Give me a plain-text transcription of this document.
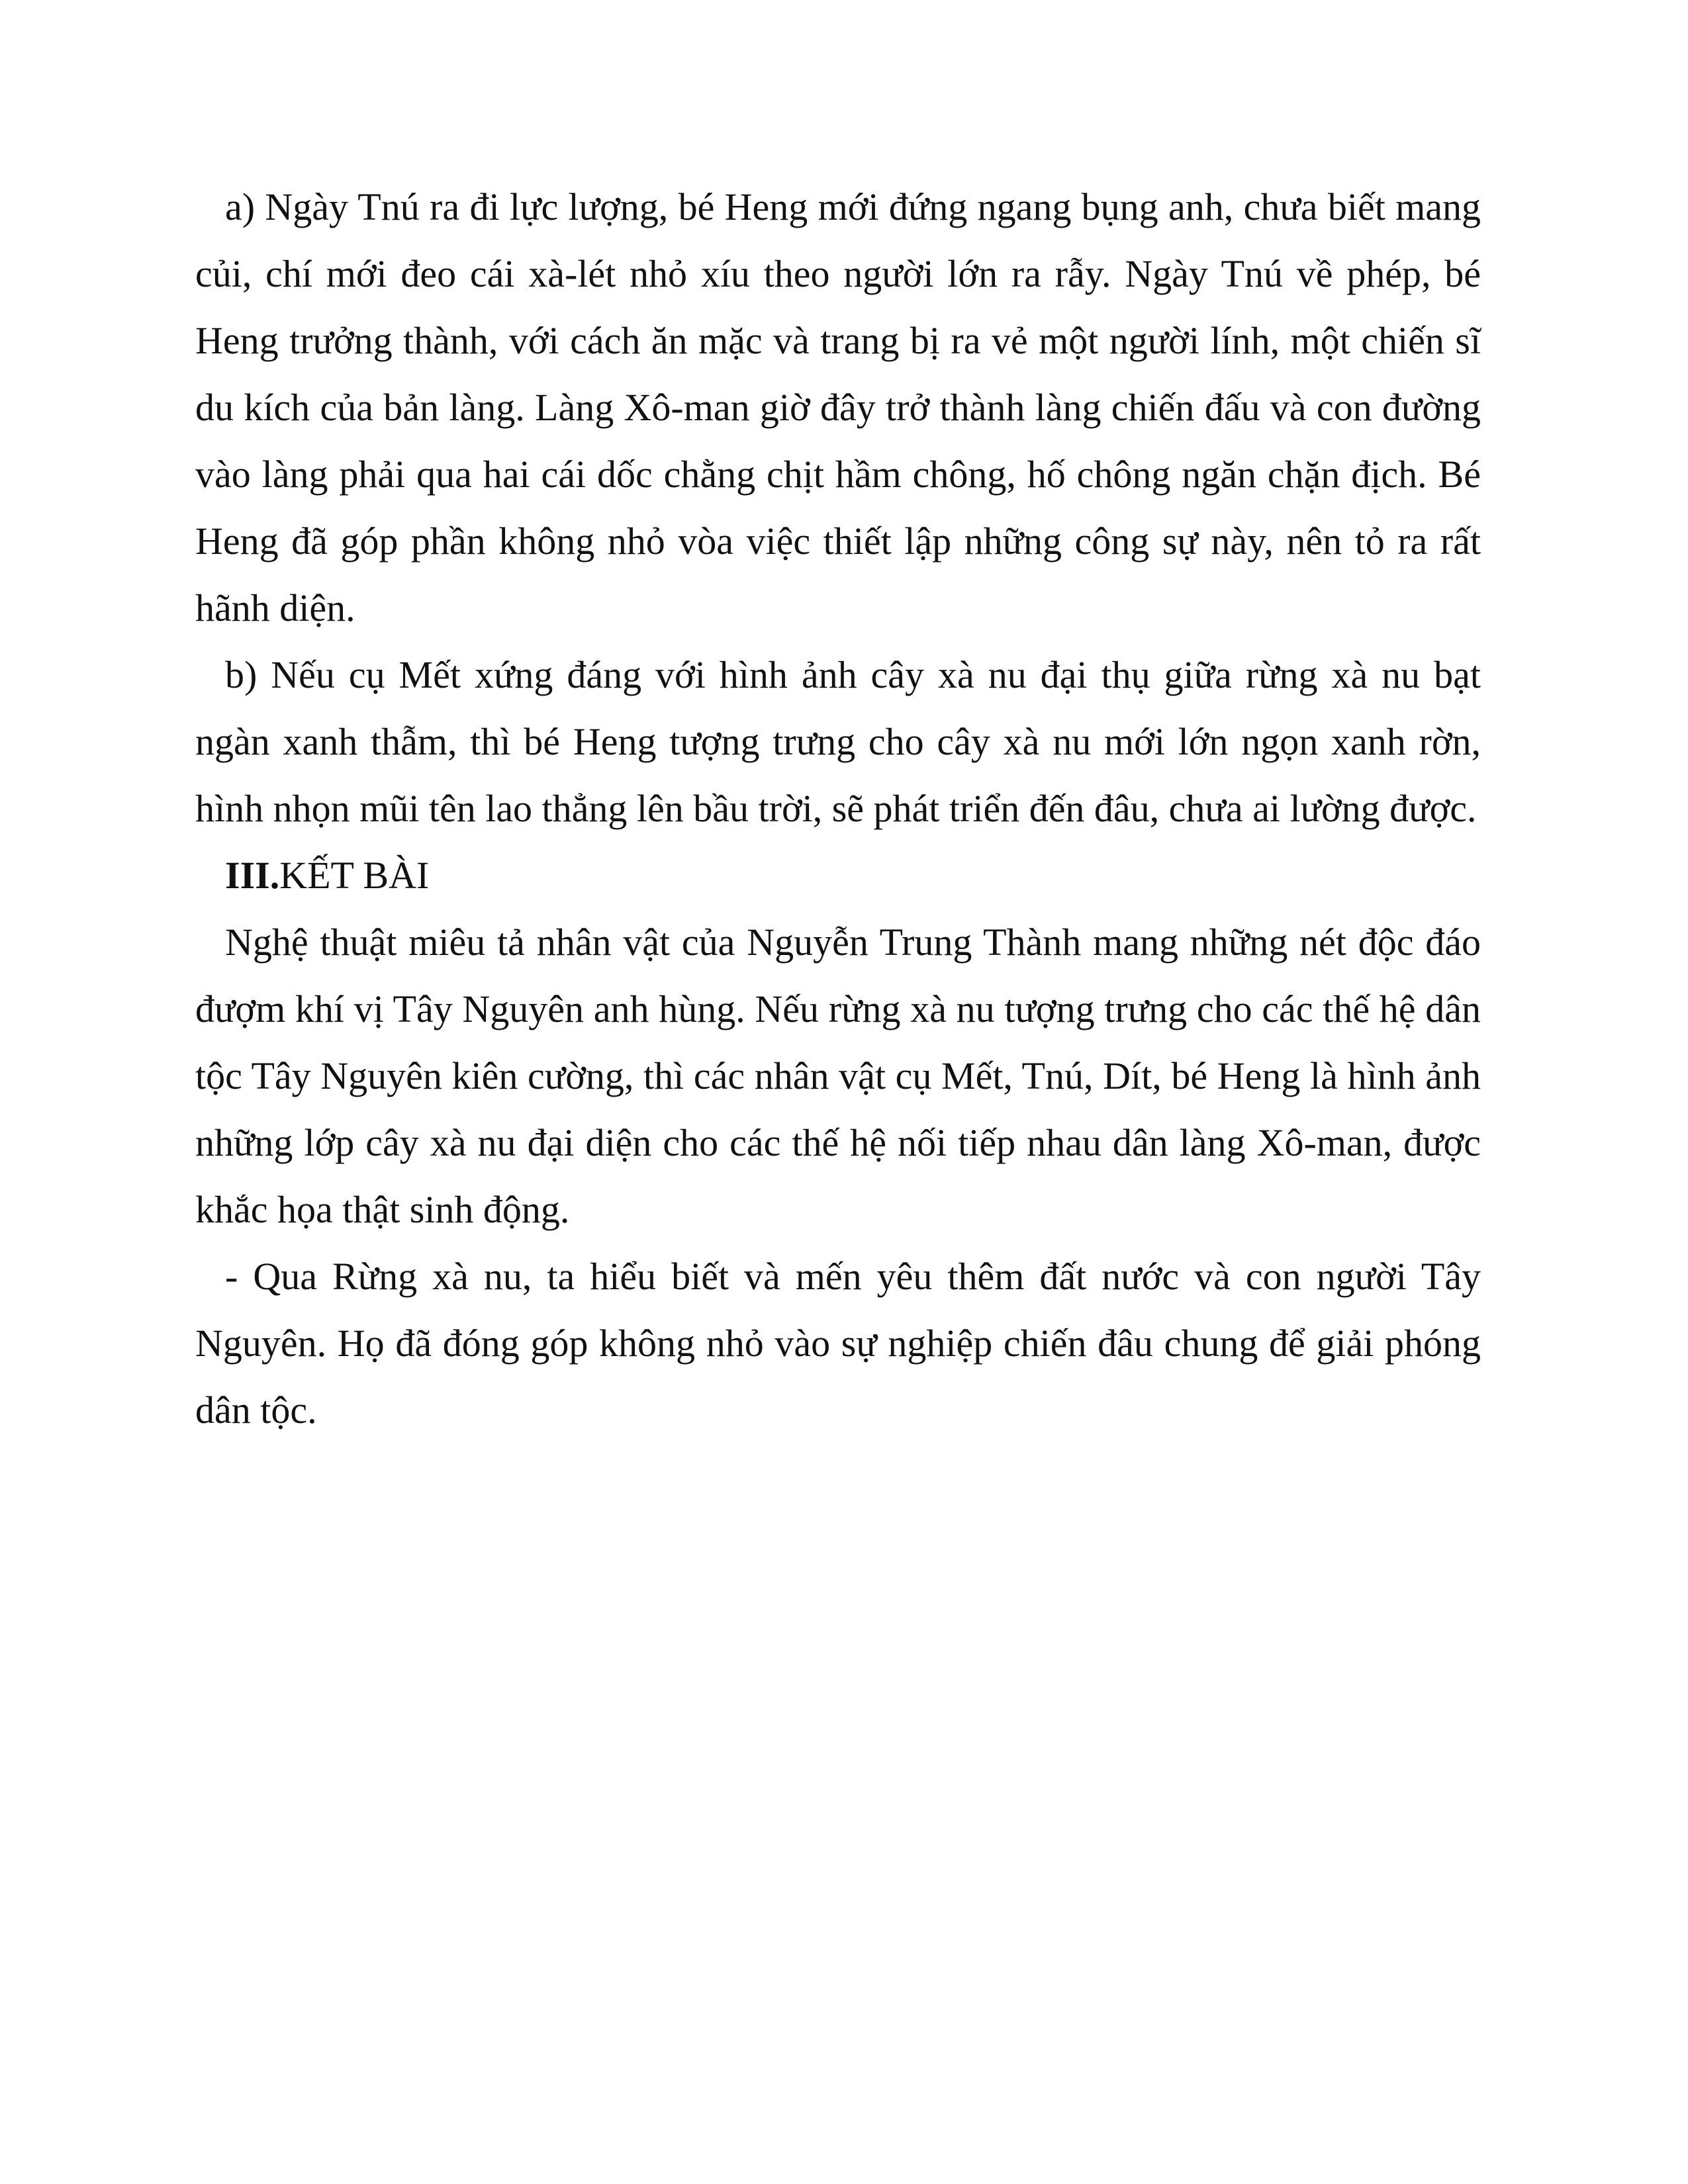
a) Ngày Tnú ra đi lực lượng, bé Heng mới đứng ngang bụng anh, chưa biết mang củi, chí mới đeo cái xà-lét nhỏ xíu theo người lớn ra rẫy. Ngày Tnú về phép, bé Heng trưởng thành, với cách ăn mặc và trang bị ra vẻ một người lính, một chiến sĩ du kích của bản làng. Làng Xô-man giờ đây trở thành làng chiến đấu và con đường vào làng phải qua hai cái dốc chằng chịt hầm chông, hố chông ngăn chặn địch. Bé Heng đã góp phần không nhỏ vòa việc thiết lập những công sự này, nên tỏ ra rất hãnh diện.

b) Nếu cụ Mết xứng đáng với hình ảnh cây xà nu đại thụ giữa rừng xà nu bạt ngàn xanh thẫm, thì bé Heng tượng trưng cho cây xà nu mới lớn ngọn xanh rờn, hình nhọn mũi tên lao thẳng lên bầu trời, sẽ phát triển đến đâu, chưa ai lường được.

III.KẾT BÀI

Nghệ thuật miêu tả nhân vật của Nguyễn Trung Thành mang những nét độc đáo đượm khí vị Tây Nguyên anh hùng. Nếu rừng xà nu tượng trưng cho các thế hệ dân tộc Tây Nguyên kiên cường, thì các nhân vật cụ Mết, Tnú, Dít, bé Heng là hình ảnh những lớp cây xà nu đại diện cho các thế hệ nối tiếp nhau dân làng Xô-man, được khắc họa thật sinh động.

- Qua Rừng xà nu, ta hiểu biết và mến yêu thêm đất nước và con người Tây Nguyên. Họ đã đóng góp không nhỏ vào sự nghiệp chiến đâu chung để giải phóng dân tộc.
